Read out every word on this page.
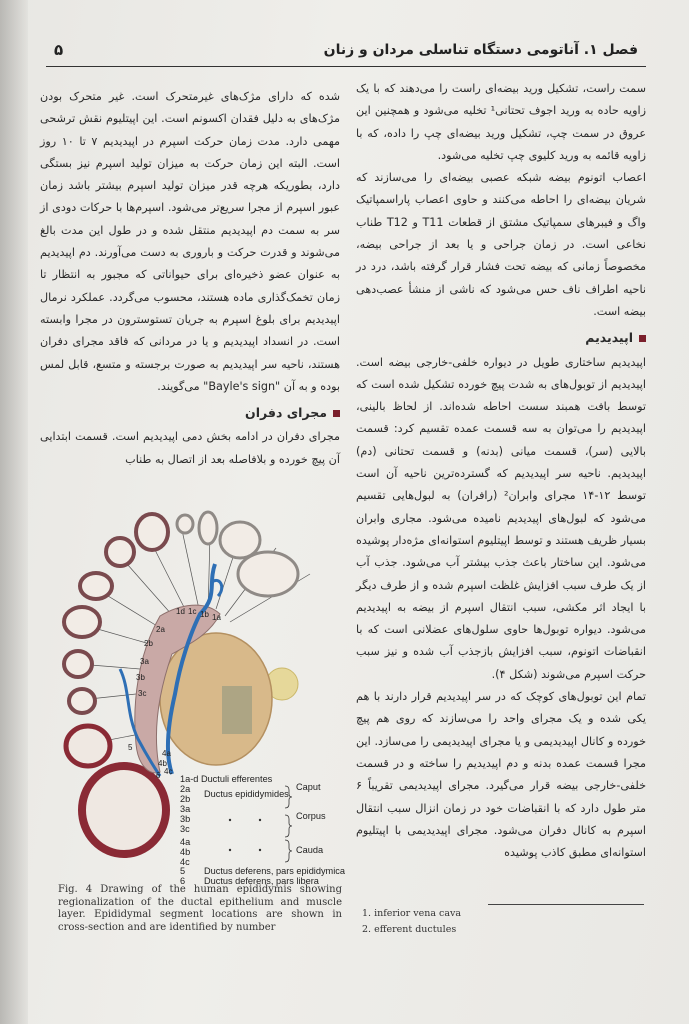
فصل ۱. آناتومی دستگاه تناسلی مردان و زنان
۵

سمت راست، تشکیل ورید بیضه‌ای راست را می‌دهند که با یک زاویه حاده به ورید اجوف تحتانی¹ تخلیه می‌شود و همچنین این عروق در سمت چپ، تشکیل ورید بیضه‌ای چپ را داده، که با زاویه قائمه به ورید کلیوی چپ تخلیه می‌شود.

اعصاب اتونوم بیضه شبکه عصبی بیضه‌ای را می‌سازند که شریان بیضه‌ای را احاطه می‌کنند و حاوی اعصاب پاراسمپاتیک واگ و فیبرهای سمپاتیک مشتق از قطعات T11 و T12 طناب نخاعی است. در زمان جراحی و یا بعد از جراحی بیضه، مخصوصاً زمانی که بیضه تحت فشار قرار گرفته باشد، درد در ناحیه اطراف ناف حس می‌شود که ناشی از منشأ عصب‌دهی بیضه است.

اپیدیدیم

اپیدیدیم ساختاری طویل در دیواره خلفی-خارجی بیضه است. اپیدیدیم از توبول‌های به شدت پیچ خورده تشکیل شده است که توسط بافت همبند سست احاطه شده‌اند. از لحاظ بالینی، اپیدیدیم را می‌توان به سه قسمت عمده تقسیم کرد: قسمت بالایی (سر)، قسمت میانی (بدنه) و قسمت تحتانی (دم) اپیدیدیم. ناحیه سر اپیدیدیم که گسترده‌ترین ناحیه آن است توسط ۱۲-۱۴ مجرای وابران² (رافران) به لبول‌هایی تقسیم می‌شود که لبول‌های اپیدیدیم نامیده می‌شود. مجاری وابران بسیار ظریف هستند و توسط اپیتلیوم استوانه‌ای مژه‌دار پوشیده می‌شود. این ساختار باعث جذب بیشتر آب می‌شود. جذب آب از یک طرف سبب افزایش غلظت اسپرم شده و از طرف دیگر با ایجاد اثر مکشی، سبب انتقال اسپرم از بیضه به اپیدیدیم می‌شود. دیواره توبول‌ها حاوی سلول‌های عضلانی است که با انقباضات اتونوم، سبب افزایش بازجذب آب شده و نیز سبب حرکت اسپرم می‌شوند (شکل ۴).

تمام این توبول‌های کوچک که در سر اپیدیدیم قرار دارند با هم یکی شده و یک مجرای واحد را می‌سازند که روی هم پیچ خورده و کانال اپیدیدیمی و یا مجرای اپیدیدیمی را می‌سازد. این مجرا قسمت عمده بدنه و دم اپیدیدیم را ساخته و در قسمت خلفی-خارجی بیضه قرار می‌گیرد. مجرای اپیدیدیمی تقریباً ۶ متر طول دارد که با انقباضات خود در زمان انزال سبب انتقال اسپرم به کانال دفران می‌شود. مجرای اپیدیدیمی با اپیتلیوم استوانه‌ای مطبق کاذب پوشیده

شده که دارای مژک‌های غیرمتحرک است. غیر متحرک بودن مژک‌های به دلیل فقدان اکسونم است. این اپیتلیوم نقش ترشحی مهمی دارد. مدت زمان حرکت اسپرم در اپیدیدیم ۷ تا ۱۰ روز است. البته این زمان حرکت به میزان تولید اسپرم نیز بستگی دارد، بطوریکه هرچه قدر میزان تولید اسپرم بیشتر باشد زمان عبور اسپرم از مجرا سریع‌تر می‌شود. اسپرم‌ها با حرکات دودی از سر به سمت دم اپیدیدیم منتقل شده و در طول این مدت بالغ می‌شوند و قدرت حرکت و باروری به دست می‌آورند. دم اپیدیدیم به عنوان عضو ذخیره‌ای برای حیواناتی که مجبور به انتظار تا زمان تخمک‌گذاری ماده هستند، محسوب می‌گردد. عملکرد نرمال اپیدیدیم برای بلوغ اسپرم به جریان تستوسترون در مجرا وابسته است. در انسداد اپیدیدیم و یا در مردانی که فاقد مجرای دفران هستند، ناحیه سر اپیدیدیم به صورت برجسته و متسع، قابل لمس بوده و به آن "Bayle's sign" می‌گویند.

مجرای دفران

مجرای دفران در ادامه بخش دمی اپیدیدیم است. قسمت ابتدایی آن پیچ خورده و بلافاصله بعد از اتصال به طناب

1d 1c 1b 1a
2a
2b
3a
3b
3c
4a
4b
4c
5
6 1a-d Ductuli efferentes
2a
2b
3a
3b
3c
4a
4b
4c
5
6
Ductus epididymides
Caput
Corpus
Cauda
Ductus deferens, pars epididymica
Ductus deferens, pars libera
Fig. 4 Drawing of the human epididymis showing regionalization of the ductal epithelium and muscle layer. Epididymal segment locations are shown in cross-section and are identified by number
1. inferior vena cava
2. efferent ductules
